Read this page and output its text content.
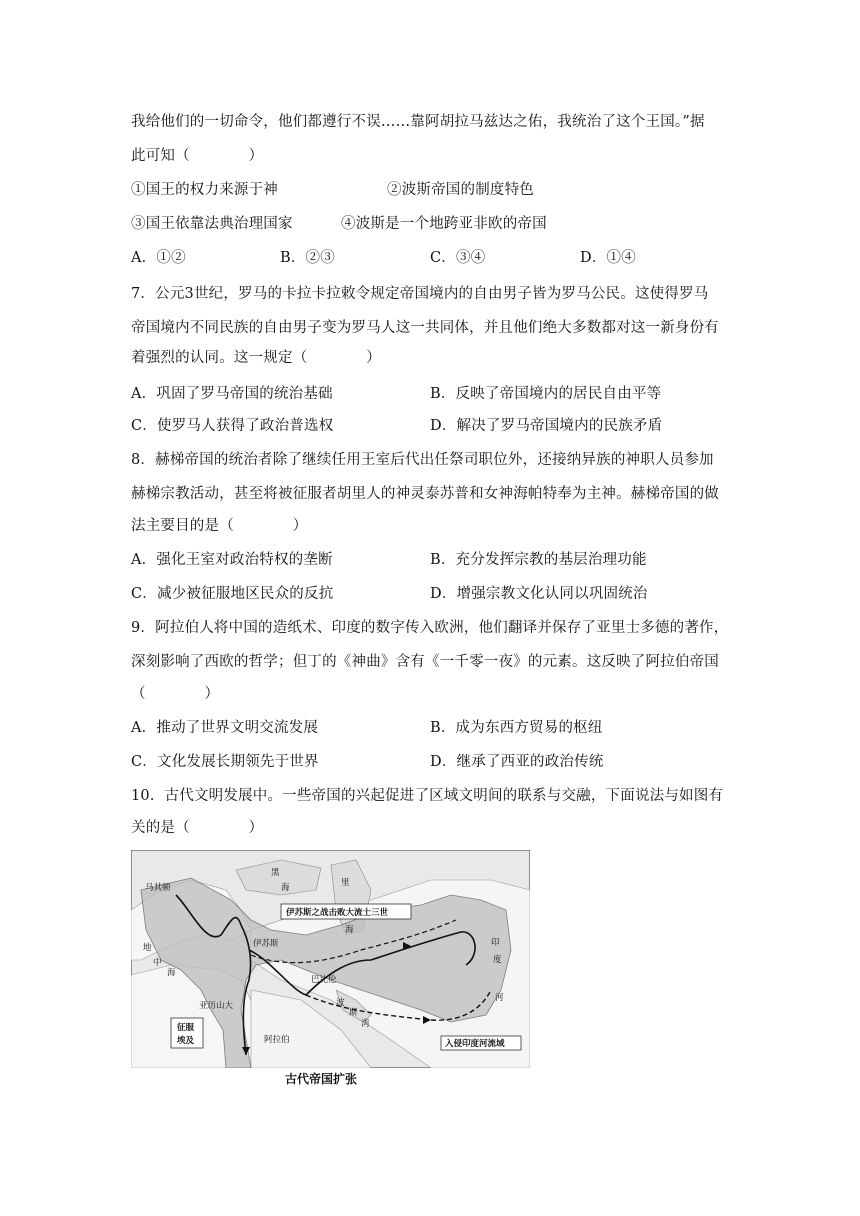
我给他们的一切命令，他们都遵行不误……靠阿胡拉马兹达之佑，我统治了这个王国。”据
此可知（　　　　）
①国王的权力来源于神	②波斯帝国的制度特色
③国王依靠法典治理国家	④波斯是一个地跨亚非欧的帝国
A．①②	B．②③	C．③④	D．①④
7．公元3世纪，罗马的卡拉卡拉敕令规定帝国境内的自由男子皆为罗马公民。这使得罗马
帝国境内不同民族的自由男子变为罗马人这一共同体，并且他们绝大多数都对这一新身份有
着强烈的认同。这一规定（　　　　）
A．巩固了罗马帝国的统治基础	B．反映了帝国境内的居民自由平等
C．使罗马人获得了政治普选权	D．解决了罗马帝国境内的民族矛盾
8．赫梯帝国的统治者除了继续任用王室后代出任祭司职位外，还接纳异族的神职人员参加
赫梯宗教活动，甚至将被征服者胡里人的神灵泰苏普和女神海帕特奉为主神。赫梯帝国的做
法主要目的是（　　　　）
A．强化王室对政治特权的垄断	B．充分发挥宗教的基层治理功能
C．减少被征服地区民众的反抗	D．增强宗教文化认同以巩固统治
9．阿拉伯人将中国的造纸术、印度的数字传入欧洲，他们翻译并保存了亚里士多德的著作，
深刻影响了西欧的哲学；但丁的《神曲》含有《一千零一夜》的元素。这反映了阿拉伯帝国
（　　　　）
A．推动了世界文明交流发展	B．成为东西方贸易的枢纽
C．文化发展长期领先于世界	D．继承了西亚的政治传统
10．古代文明发展中。一些帝国的兴起促进了区域文明间的联系与交融，下面说法与如图有
关的是（　　　　）
伊苏斯之战击败大流士三世
入侵印度河流域
征服
埃及
马其顿
黑
海	里
海
伊苏斯
地
中
海
亚历山大
巴比伦
阿拉伯
波
斯
湾
印
度
河
古代帝国扩张
